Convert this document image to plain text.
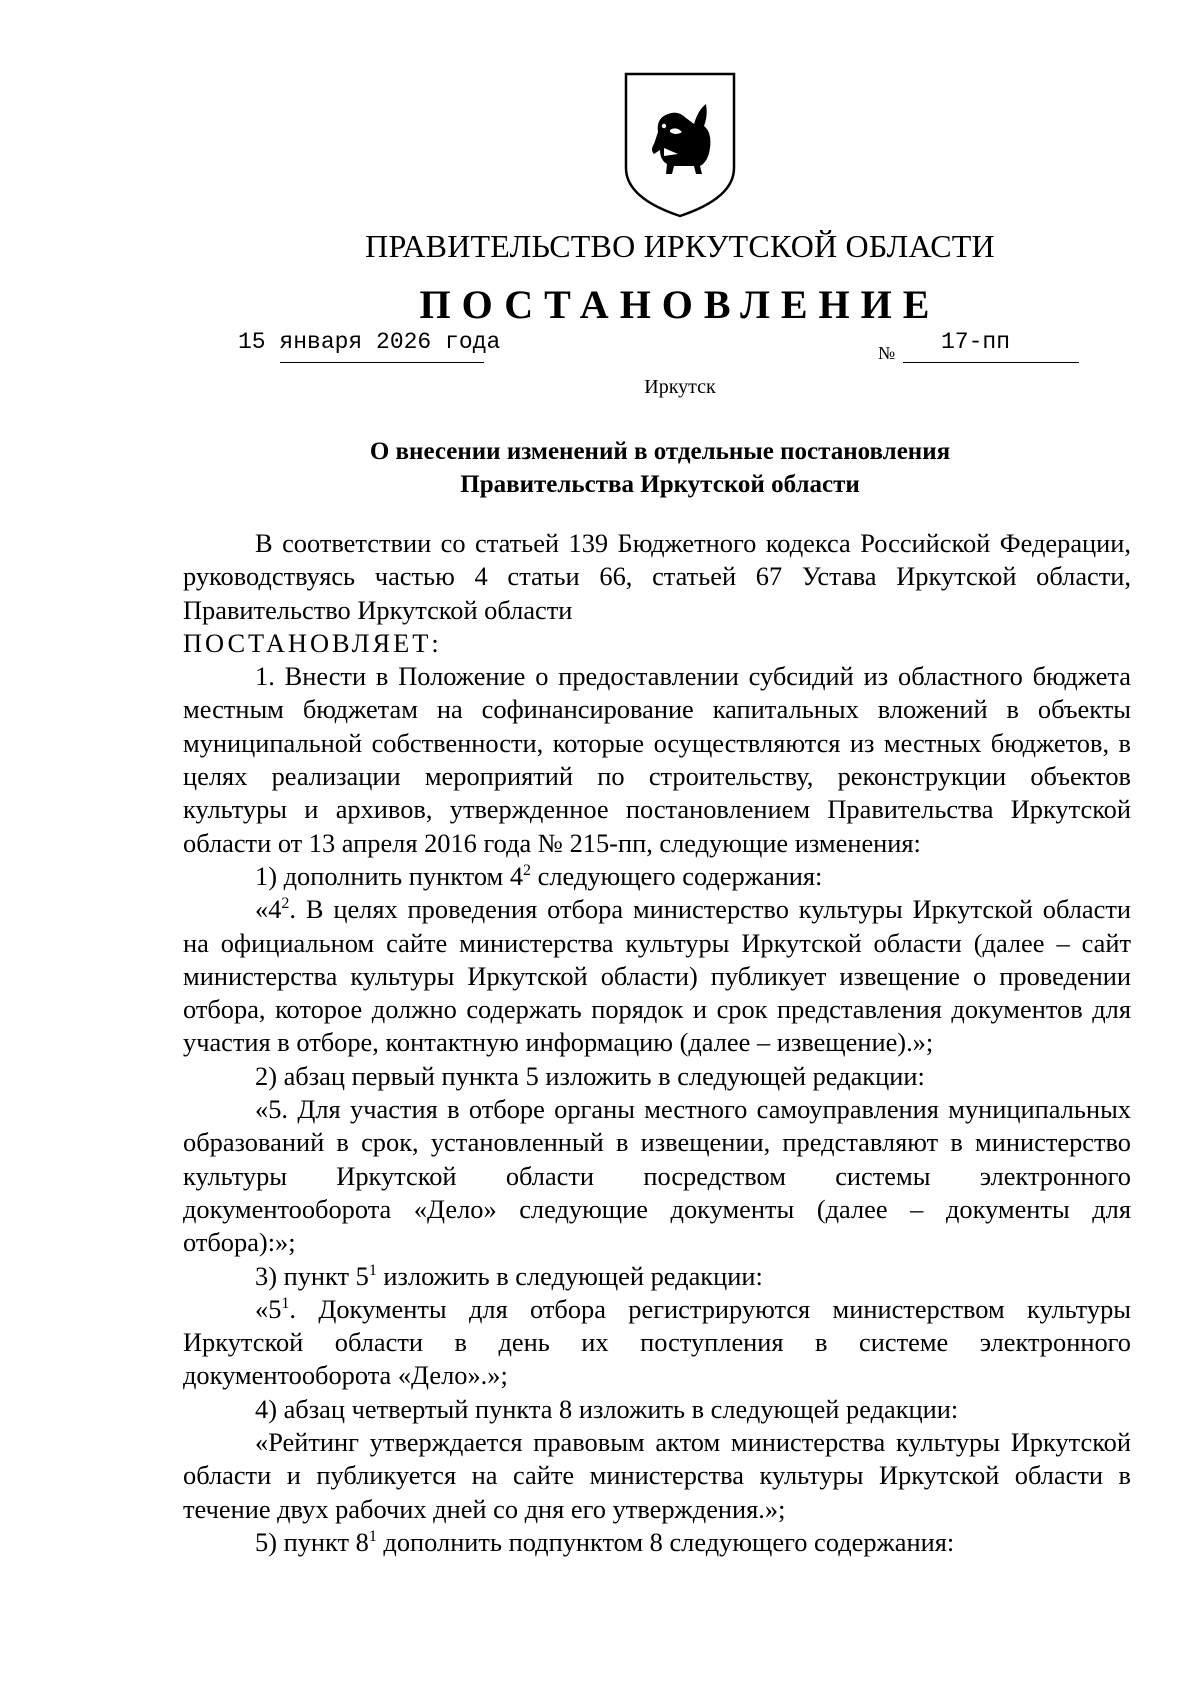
ПРАВИТЕЛЬСТВО ИРКУТСКОЙ ОБЛАСТИ
ПОСТАНОВЛЕНИЕ
15 января 2026 года	№ 17-пп
Иркутск
О внесении изменений в отдельные постановления
Правительства Иркутской области

В соответствии со статьей 139 Бюджетного кодекса Российской Федерации, руководствуясь частью 4 статьи 66, статьей 67 Устава Иркутской области, Правительство Иркутской области

ПОСТАНОВЛЯЕТ:

1. Внести в Положение о предоставлении субсидий из областного бюджета местным бюджетам на софинансирование капитальных вложений в объекты муниципальной собственности, которые осуществляются из местных бюджетов, в целях реализации мероприятий по строительству, реконструкции объектов культуры и архивов, утвержденное постановлением Правительства Иркутской области от 13 апреля 2016 года № 215-пп, следующие изменения:

1) дополнить пунктом $4^2$ следующего содержания:

«$4^2$. В целях проведения отбора министерство культуры Иркутской области на официальном сайте министерства культуры Иркутской области (далее – сайт министерства культуры Иркутской области) публикует извещение о проведении отбора, которое должно содержать порядок и срок представления документов для участия в отборе, контактную информацию (далее – извещение).»;

2) абзац первый пункта 5 изложить в следующей редакции:

«5. Для участия в отборе органы местного самоуправления муниципальных образований в срок, установленный в извещении, представляют в министерство культуры Иркутской области посредством системы электронного документооборота «Дело» следующие документы (далее – документы для отбора):»;

3) пункт $5^1$ изложить в следующей редакции:

«$5^1$. Документы для отбора регистрируются министерством культуры Иркутской области в день их поступления в системе электронного документооборота «Дело».»;

4) абзац четвертый пункта 8 изложить в следующей редакции:

«Рейтинг утверждается правовым актом министерства культуры Иркутской области и публикуется на сайте министерства культуры Иркутской области в течение двух рабочих дней со дня его утверждения.»;

5) пункт $8^1$ дополнить подпунктом 8 следующего содержания:
